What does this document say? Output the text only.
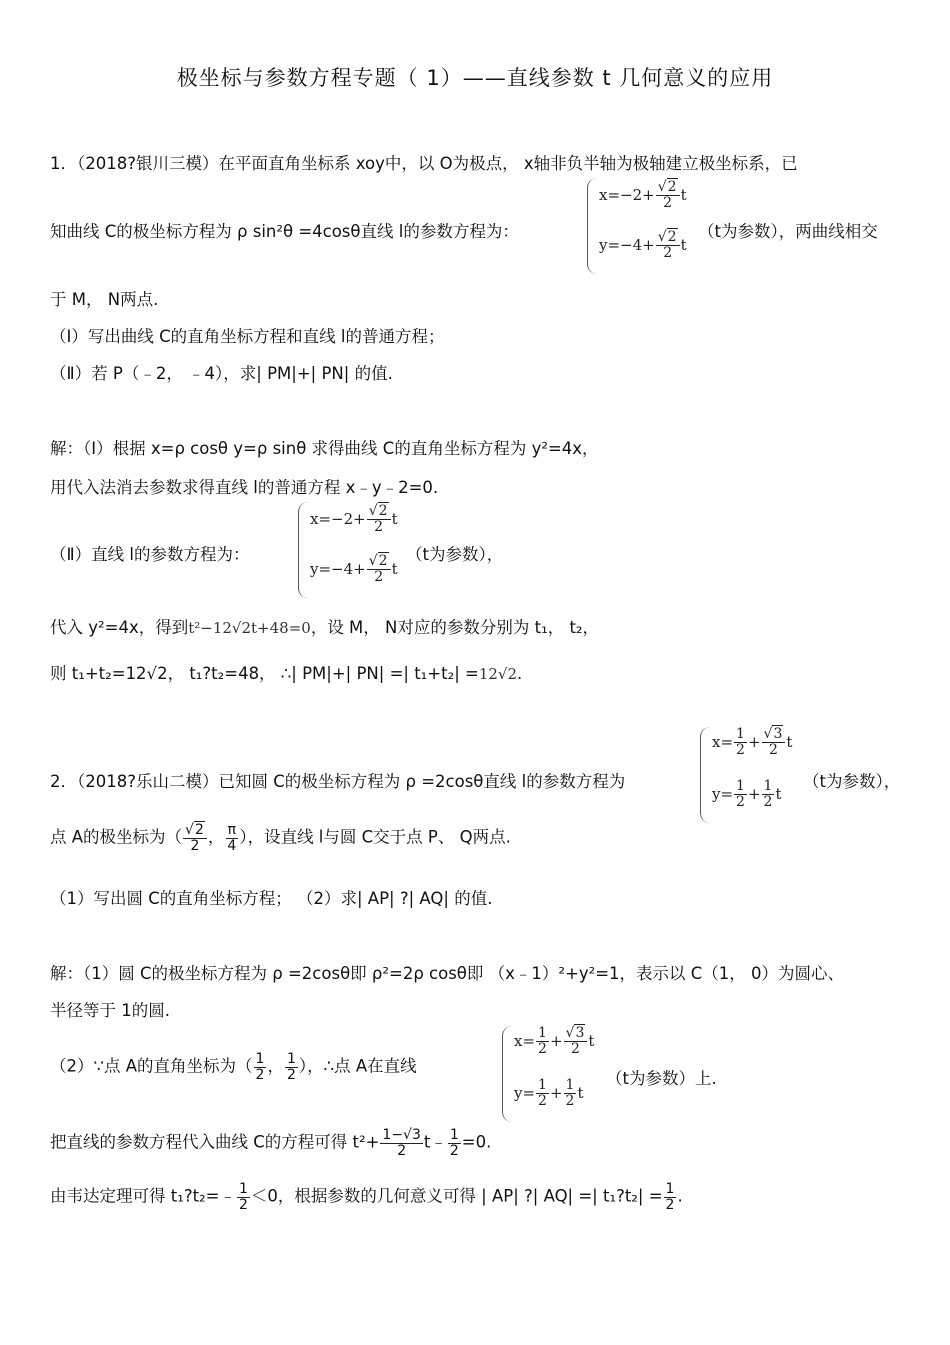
极坐标与参数方程专题（ 1）——直线参数 t 几何意义的应用
1．（2018?银川三模）在平面直角坐标系 xoy中，以 O为极点， x轴非负半轴为极轴建立极坐标系，已
知曲线 C的极坐标方程为 ρ sin²θ =4cosθ直线 l的参数方程为：
$x=-2+ \frac{√2}{2}$ t
$y=-4+ \frac{√2}{2}$ t
（t为参数），两曲线相交
于 M， N两点.
（Ⅰ）写出曲线 C的直角坐标方程和直线 l的普通方程；
（Ⅱ）若 P（﹣2， ﹣4），求| PM|+| PN| 的值.
解：（Ⅰ）根据 x=ρ cosθ y=ρ sinθ 求得曲线 C的直角坐标方程为 y²=4x，
用代入法消去参数求得直线 l的普通方程 x﹣y﹣2=0.
（Ⅱ）直线 l的参数方程为：
$x=-2+ \frac{√2}{2}$ t
$y=-4+ \frac{√2}{2}$ t
（t为参数），
代入 y²=4x，得到t²−12√2t+48=0，设 M， N对应的参数分别为 t₁， t₂，
则 t₁+t₂=12√2， t₁?t₂=48， ∴| PM|+| PN| =| t₁+t₂| =12√2.
2．（2018?乐山二模）已知圆 C的极坐标方程为 ρ =2cosθ直线 l的参数方程为
$x= \frac{1}{2} + \frac{√3}{2}$ t
$y= \frac{1}{2} + \frac{1}{2}$ t
（t为参数），
点 A的极坐标为（ $\frac{√2}{2}$ ， $\frac{\pi}{4}$ ），设直线 l与圆 C交于点 P、 Q两点.
（1）写出圆 C的直角坐标方程； （2）求| AP| ?| AQ| 的值.
解：（1）圆 C的极坐标方程为 ρ =2cosθ即 ρ²=2ρ cosθ即 （x﹣1）²+y²=1，表示以 C（1， 0）为圆心、
半径等于 1的圆.
（2）∵点 A的直角坐标为（ $\frac{1}{2}$ ， $\frac{1}{2}$ ），∴点 A在直线
$x= \frac{1}{2} + \frac{√3}{2}$ t
$y= \frac{1}{2} + \frac{1}{2}$ t
（t为参数）上.
把直线的参数方程代入曲线 C的方程可得 $t^2+ \frac{1-√3}{2}$ t﹣ $\frac{1}{2} =0$.
由韦达定理可得 t₁?t₂=﹣ $\frac{1}{2} <0$，根据参数的几何意义可得 | AP| ?| AQ| =| t₁?t₂| = $\frac{1}{2}$ .
